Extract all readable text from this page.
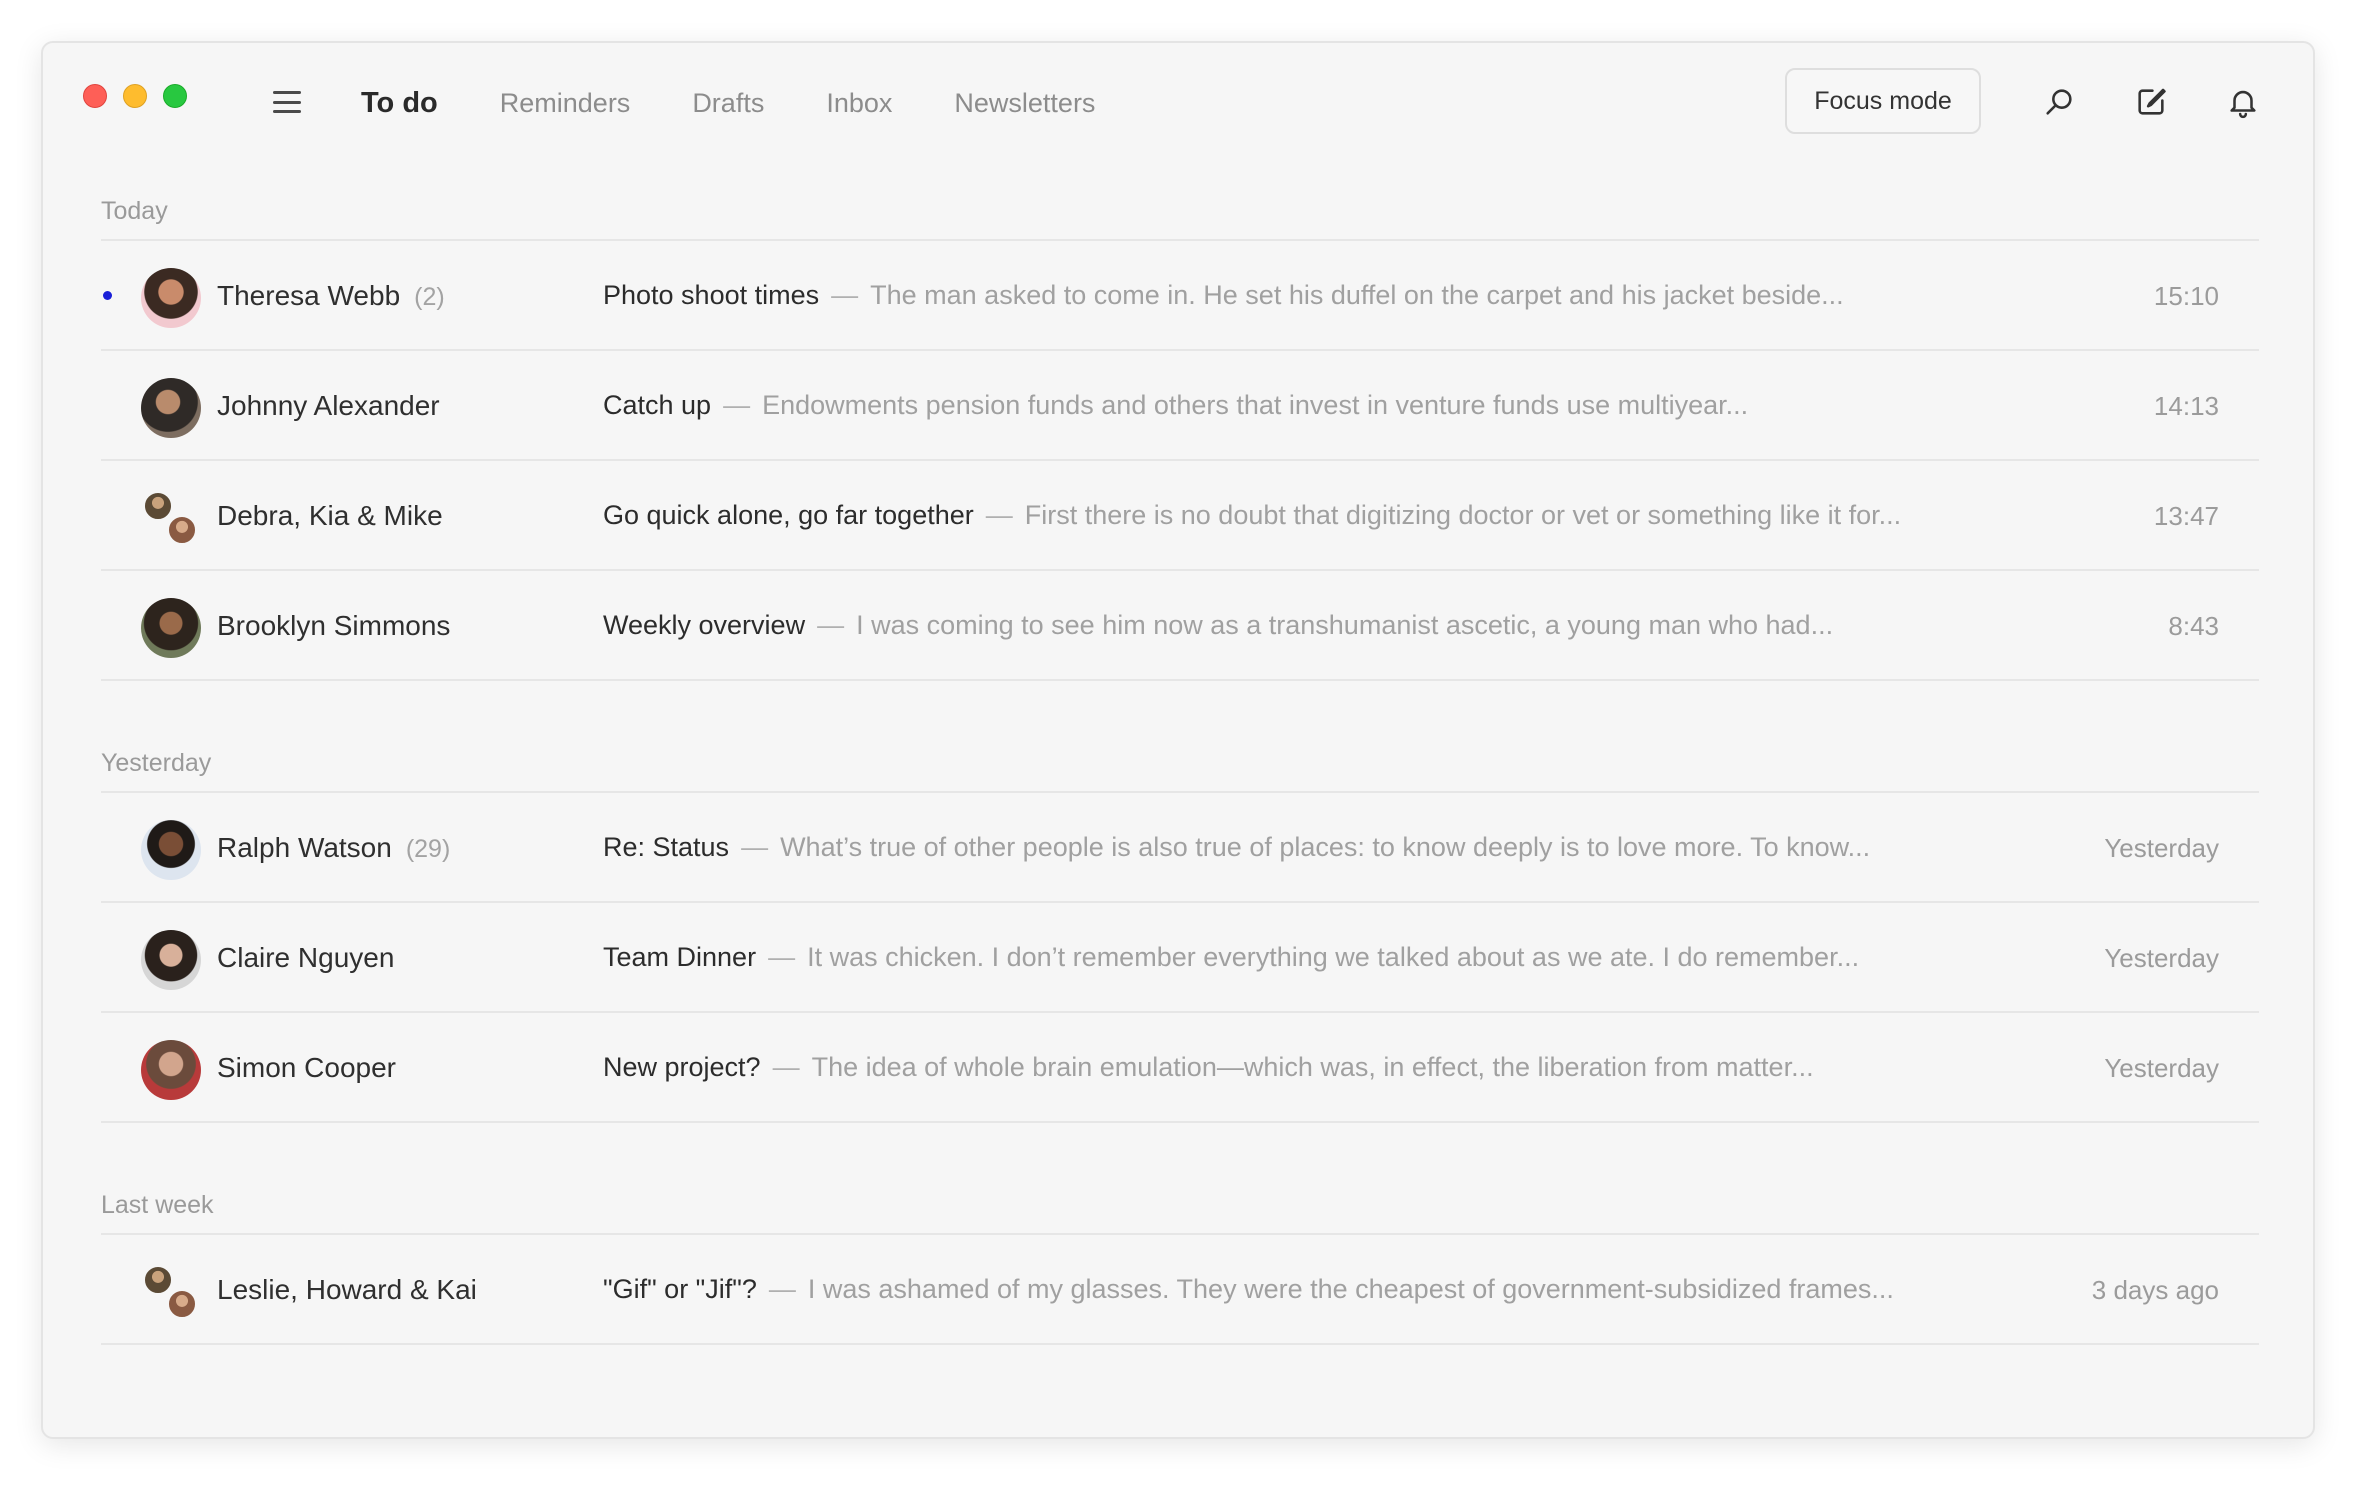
To do Reminders Drafts Inbox Newsletters	Focus mode
Today
Theresa Webb (2)	Photo shoot times — The man asked to come in. He set his duffel on the carpet and his jacket beside...	15:10
Johnny Alexander	Catch up — Endowments pension funds and others that invest in venture funds use multiyear...	14:13
Debra, Kia & Mike	Go quick alone, go far together — First there is no doubt that digitizing doctor or vet or something like it for...	13:47
Brooklyn Simmons	Weekly overview — I was coming to see him now as a transhumanist ascetic, a young man who had...	8:43
Yesterday
Ralph Watson (29)	Re: Status — What’s true of other people is also true of places: to know deeply is to love more. To know...	Yesterday
Claire Nguyen	Team Dinner — It was chicken. I don’t remember everything we talked about as we ate. I do remember...	Yesterday
Simon Cooper	New project? — The idea of whole brain emulation—which was, in effect, the liberation from matter...	Yesterday
Last week
Leslie, Howard & Kai	"Gif" or "Jif"? — I was ashamed of my glasses. They were the cheapest of government-subsidized frames...	3 days ago
